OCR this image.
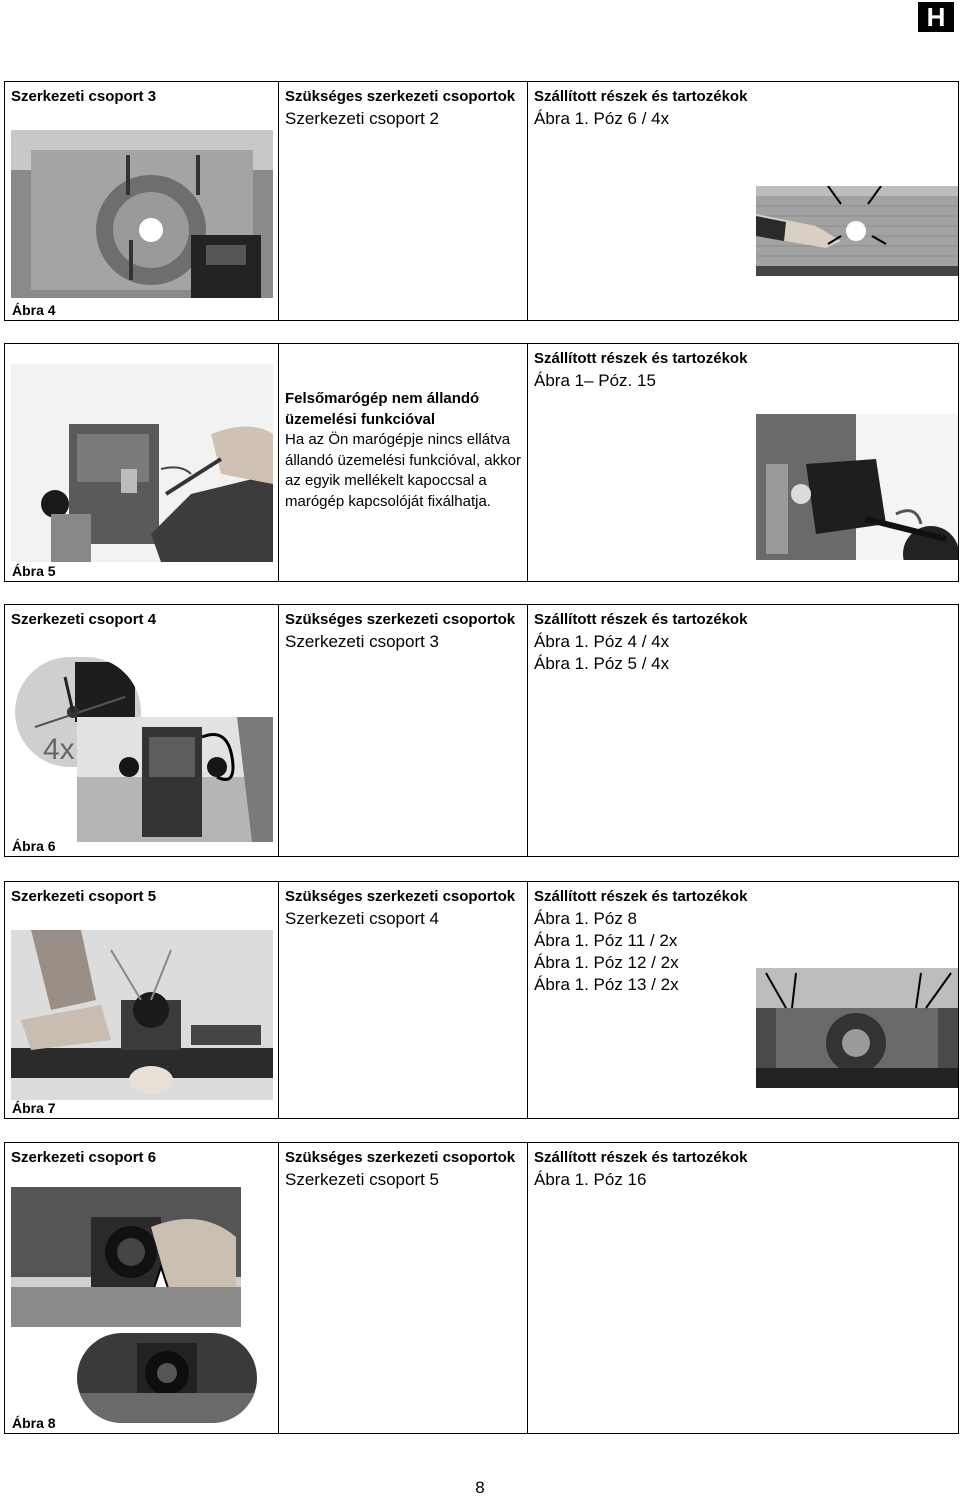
H
Szerkezeti csoport 3
Ábra 4
Szükséges szerkezeti csoportok
Szerkezeti csoport 2
Szállított részek és tartozékok
Ábra 1. Póz 6 / 4x
Ábra 5
Felsőmarógép nem állandó üzemelési funkcióval
Ha az Ön marógépje nincs ellátva állandó üzemelési funkcióval, akkor az egyik mellékelt kapoccsal a marógép kapcsolóját fixálhatja.
Szállított részek és tartozékok
Ábra 1– Póz. 15
Szerkezeti csoport 4
4x
Ábra 6
Szükséges szerkezeti csoportok
Szerkezeti csoport 3
Szállított részek és tartozékok
Ábra 1. Póz 4 / 4x
Ábra 1. Póz 5 / 4x
Szerkezeti csoport 5
Ábra 7
Szükséges szerkezeti csoportok
Szerkezeti csoport 4
Szállított részek és tartozékok
Ábra 1. Póz 8
Ábra 1. Póz 11 / 2x
Ábra 1. Póz 12 / 2x
Ábra 1. Póz 13 / 2x
Szerkezeti csoport 6
Ábra 8
Szükséges szerkezeti csoportok
Szerkezeti csoport 5
Szállított részek és tartozékok
Ábra 1. Póz 16
8
